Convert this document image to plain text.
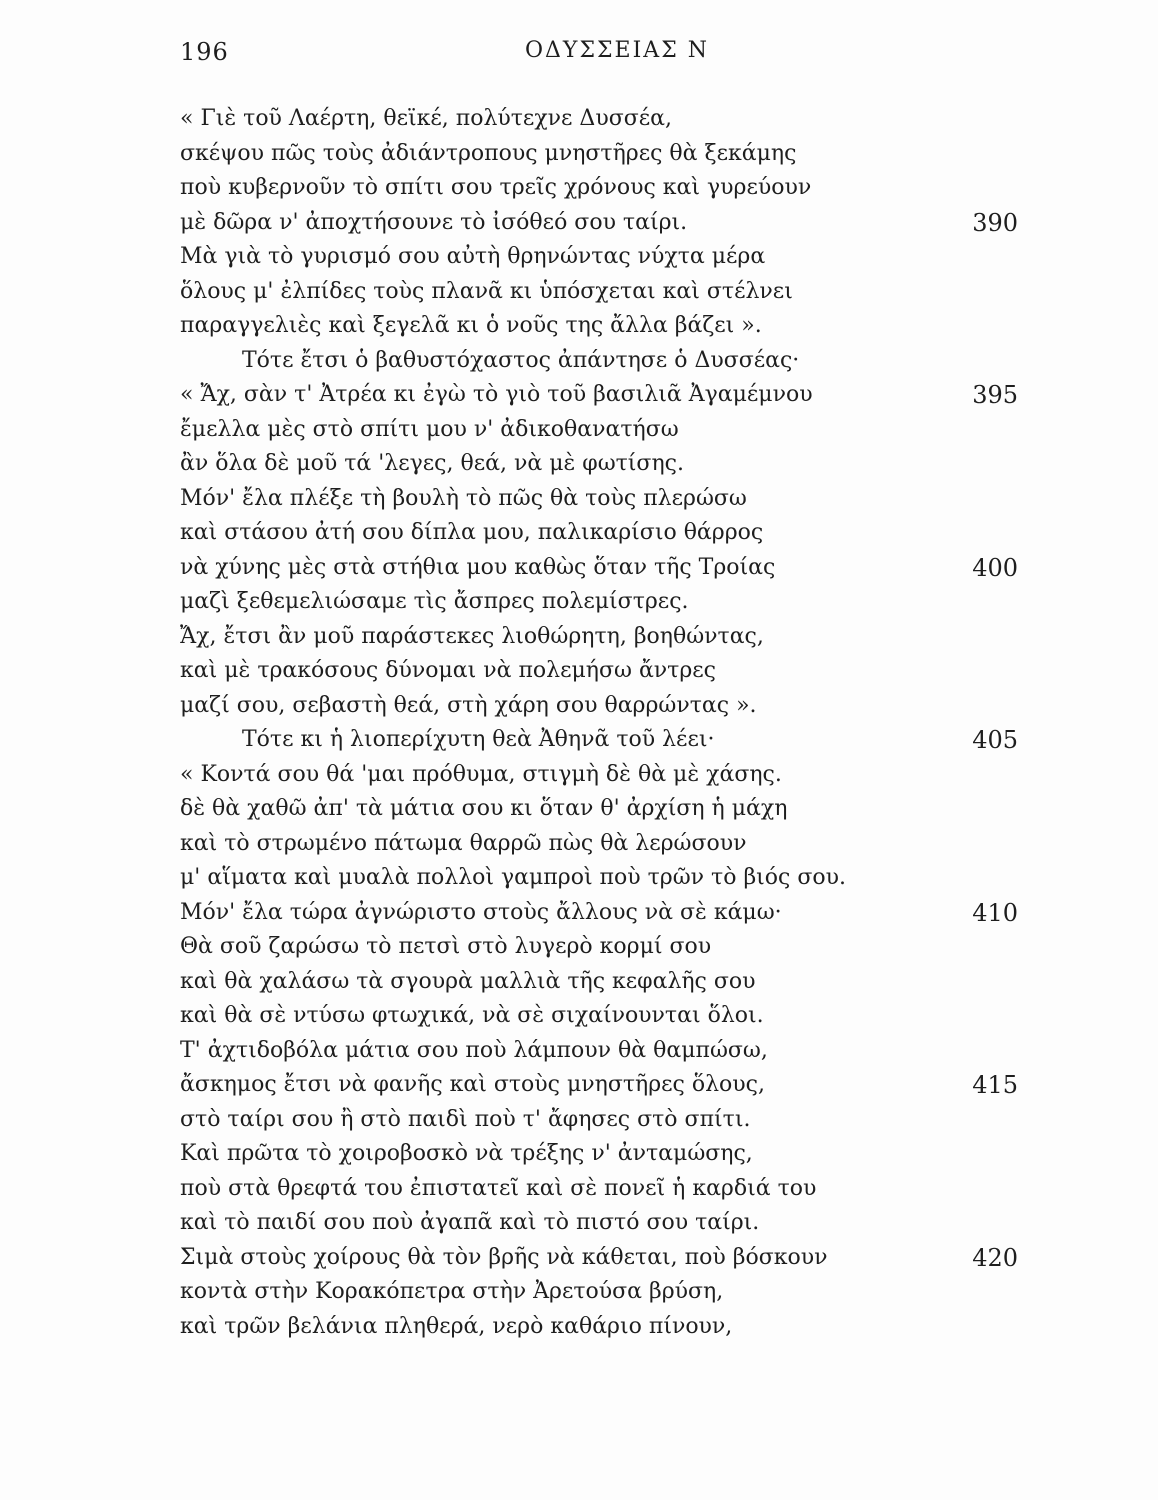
196	ΟΔΥΣΣΕΙΑΣ Ν
« Γιὲ τοῦ Λαέρτη, θεϊκέ, πολύτεχνε Δυσσέα,
σκέψου πῶς τοὺς ἀδιάντροπους μνηστῆρες θὰ ξεκάμης
ποὺ κυβερνοῦν τὸ σπίτι σου τρεῖς χρόνους καὶ γυρεύουν
μὲ δῶρα ν' ἀποχτήσουνε τὸ ἰσόθεό σου ταίρι.	390
Μὰ γιὰ τὸ γυρισμό σου αὐτὴ θρηνώντας νύχτα μέρα
ὅλους μ' ἐλπίδες τοὺς πλανᾶ κι ὑπόσχεται καὶ στέλνει
παραγγελιὲς καὶ ξεγελᾶ κι ὁ νοῦς της ἄλλα βάζει ».
Τότε ἔτσι ὁ βαθυστόχαστος ἀπάντησε ὁ Δυσσέας·
« Ἄχ, σὰν τ' Ἀτρέα κι ἐγὼ τὸ γιὸ τοῦ βασιλιᾶ Ἀγαμέμνου	395
ἔμελλα μὲς στὸ σπίτι μου ν' ἀδικοθανατήσω
ἂν ὅλα δὲ μοῦ τά 'λεγες, θεά, νὰ μὲ φωτίσης.
Μόν' ἔλα πλέξε τὴ βουλὴ τὸ πῶς θὰ τοὺς πλερώσω
καὶ στάσου ἀτή σου δίπλα μου, παλικαρίσιο θάρρος
νὰ χύνης μὲς στὰ στήθια μου καθὼς ὅταν τῆς Τροίας	400
μαζὶ ξεθεμελιώσαμε τὶς ἄσπρες πολεμίστρες.
Ἄχ, ἔτσι ἂν μοῦ παράστεκες λιοθώρητη, βοηθώντας,
καὶ μὲ τρακόσους δύνομαι νὰ πολεμήσω ἄντρες
μαζί σου, σεβαστὴ θεά, στὴ χάρη σου θαρρώντας ».
Τότε κι ἡ λιοπερίχυτη θεὰ Ἀθηνᾶ τοῦ λέει·	405
« Κοντά σου θά 'μαι πρόθυμα, στιγμὴ δὲ θὰ μὲ χάσης.
δὲ θὰ χαθῶ ἀπ' τὰ μάτια σου κι ὅταν θ' ἀρχίση ἡ μάχη
καὶ τὸ στρωμένο πάτωμα θαρρῶ πὼς θὰ λερώσουν
μ' αἵματα καὶ μυαλὰ πολλοὶ γαμπροὶ ποὺ τρῶν τὸ βιός σου.
Μόν' ἔλα τώρα ἀγνώριστο στοὺς ἄλλους νὰ σὲ κάμω·	410
Θὰ σοῦ ζαρώσω τὸ πετσὶ στὸ λυγερὸ κορμί σου
καὶ θὰ χαλάσω τὰ σγουρὰ μαλλιὰ τῆς κεφαλῆς σου
καὶ θὰ σὲ ντύσω φτωχικά, νὰ σὲ σιχαίνουνται ὅλοι.
Τ' ἀχτιδοβόλα μάτια σου ποὺ λάμπουν θὰ θαμπώσω,
ἄσκημος ἔτσι νὰ φανῆς καὶ στοὺς μνηστῆρες ὅλους,	415
στὸ ταίρι σου ἢ στὸ παιδὶ ποὺ τ' ἄφησες στὸ σπίτι.
Καὶ πρῶτα τὸ χοιροβοσκὸ νὰ τρέξης ν' ἀνταμώσης,
ποὺ στὰ θρεφτά του ἐπιστατεῖ καὶ σὲ πονεῖ ἡ καρδιά του
καὶ τὸ παιδί σου ποὺ ἀγαπᾶ καὶ τὸ πιστό σου ταίρι.
Σιμὰ στοὺς χοίρους θὰ τὸν βρῆς νὰ κάθεται, ποὺ βόσκουν	420
κοντὰ στὴν Κορακόπετρα στὴν Ἀρετούσα βρύση,
καὶ τρῶν βελάνια πληθερά, νερὸ καθάριο πίνουν,
